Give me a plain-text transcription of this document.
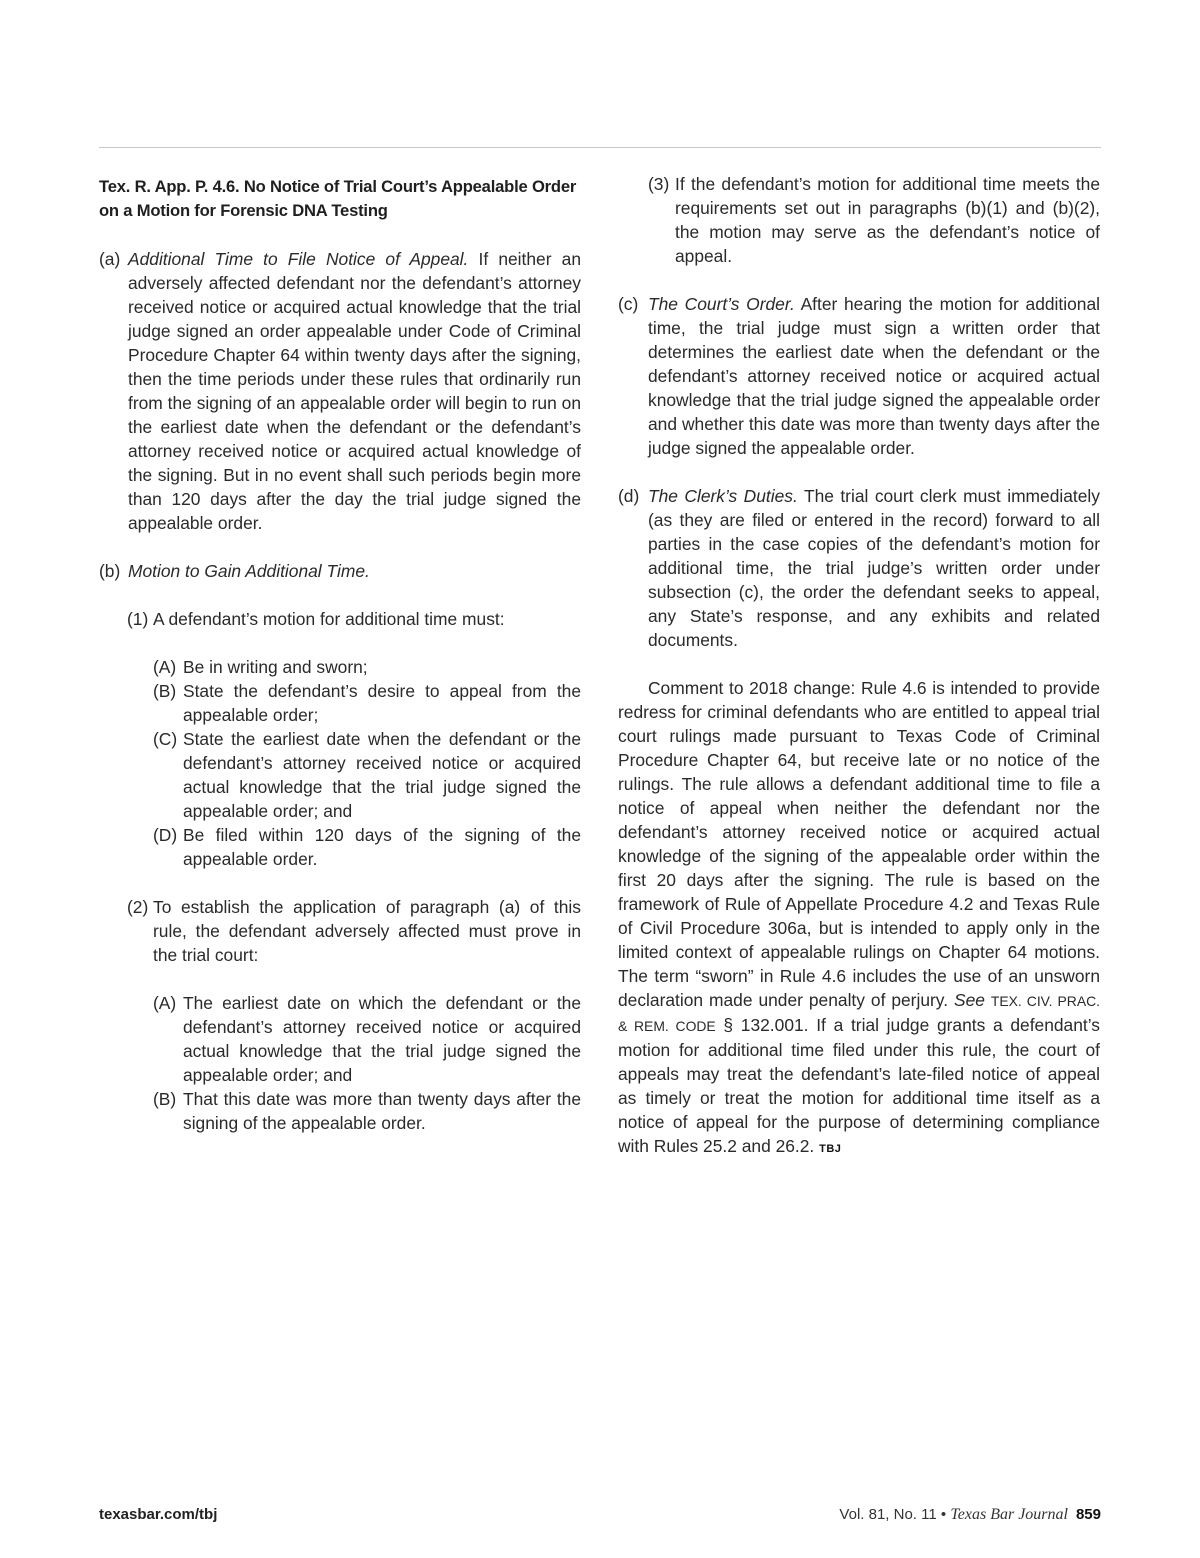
Tex. R. App. P. 4.6. No Notice of Trial Court’s Appealable Order on a Motion for Forensic DNA Testing

(a) Additional Time to File Notice of Appeal. If neither an adversely affected defendant nor the defendant’s attorney received notice or acquired actual knowledge that the trial judge signed an order appealable under Code of Criminal Procedure Chapter 64 within twenty days after the signing, then the time periods under these rules that ordinarily run from the signing of an appealable order will begin to run on the earliest date when the defendant or the defendant’s attorney received notice or acquired actual knowledge of the signing. But in no event shall such periods begin more than 120 days after the day the trial judge signed the appealable order.

(b) Motion to Gain Additional Time.

(1) A defendant’s motion for additional time must:

(A) Be in writing and sworn;

(B) State the defendant’s desire to appeal from the appealable order;

(C) State the earliest date when the defendant or the defendant’s attorney received notice or acquired actual knowledge that the trial judge signed the appealable order; and

(D) Be filed within 120 days of the signing of the appealable order.

(2) To establish the application of paragraph (a) of this rule, the defendant adversely affected must prove in the trial court:

(A) The earliest date on which the defendant or the defendant’s attorney received notice or acquired actual knowledge that the trial judge signed the appealable order; and

(B) That this date was more than twenty days after the signing of the appealable order.

(3) If the defendant’s motion for additional time meets the requirements set out in paragraphs (b)(1) and (b)(2), the motion may serve as the defendant’s notice of appeal.

(c) The Court’s Order. After hearing the motion for additional time, the trial judge must sign a written order that determines the earliest date when the defendant or the defendant’s attorney received notice or acquired actual knowledge that the trial judge signed the appealable order and whether this date was more than twenty days after the judge signed the appealable order.

(d) The Clerk’s Duties. The trial court clerk must immediately (as they are filed or entered in the record) forward to all parties in the case copies of the defendant’s motion for additional time, the trial judge’s written order under subsection (c), the order the defendant seeks to appeal, any State’s response, and any exhibits and related documents.

Comment to 2018 change: Rule 4.6 is intended to provide redress for criminal defendants who are entitled to appeal trial court rulings made pursuant to Texas Code of Criminal Procedure Chapter 64, but receive late or no notice of the rulings. The rule allows a defendant additional time to file a notice of appeal when neither the defendant nor the defendant’s attorney received notice or acquired actual knowledge of the signing of the appealable order within the first 20 days after the signing. The rule is based on the framework of Rule of Appellate Procedure 4.2 and Texas Rule of Civil Procedure 306a, but is intended to apply only in the limited context of appealable rulings on Chapter 64 motions. The term “sworn” in Rule 4.6 includes the use of an unsworn declaration made under penalty of perjury. See TEX. CIV. PRAC. & REM. CODE § 132.001. If a trial judge grants a defendant’s motion for additional time filed under this rule, the court of appeals may treat the defendant’s late-filed notice of appeal as timely or treat the motion for additional time itself as a notice of appeal for the purpose of determining compliance with Rules 25.2 and 26.2. TBJ

texasbar.com/tbj	Vol. 81, No. 11 • Texas Bar Journal 859
